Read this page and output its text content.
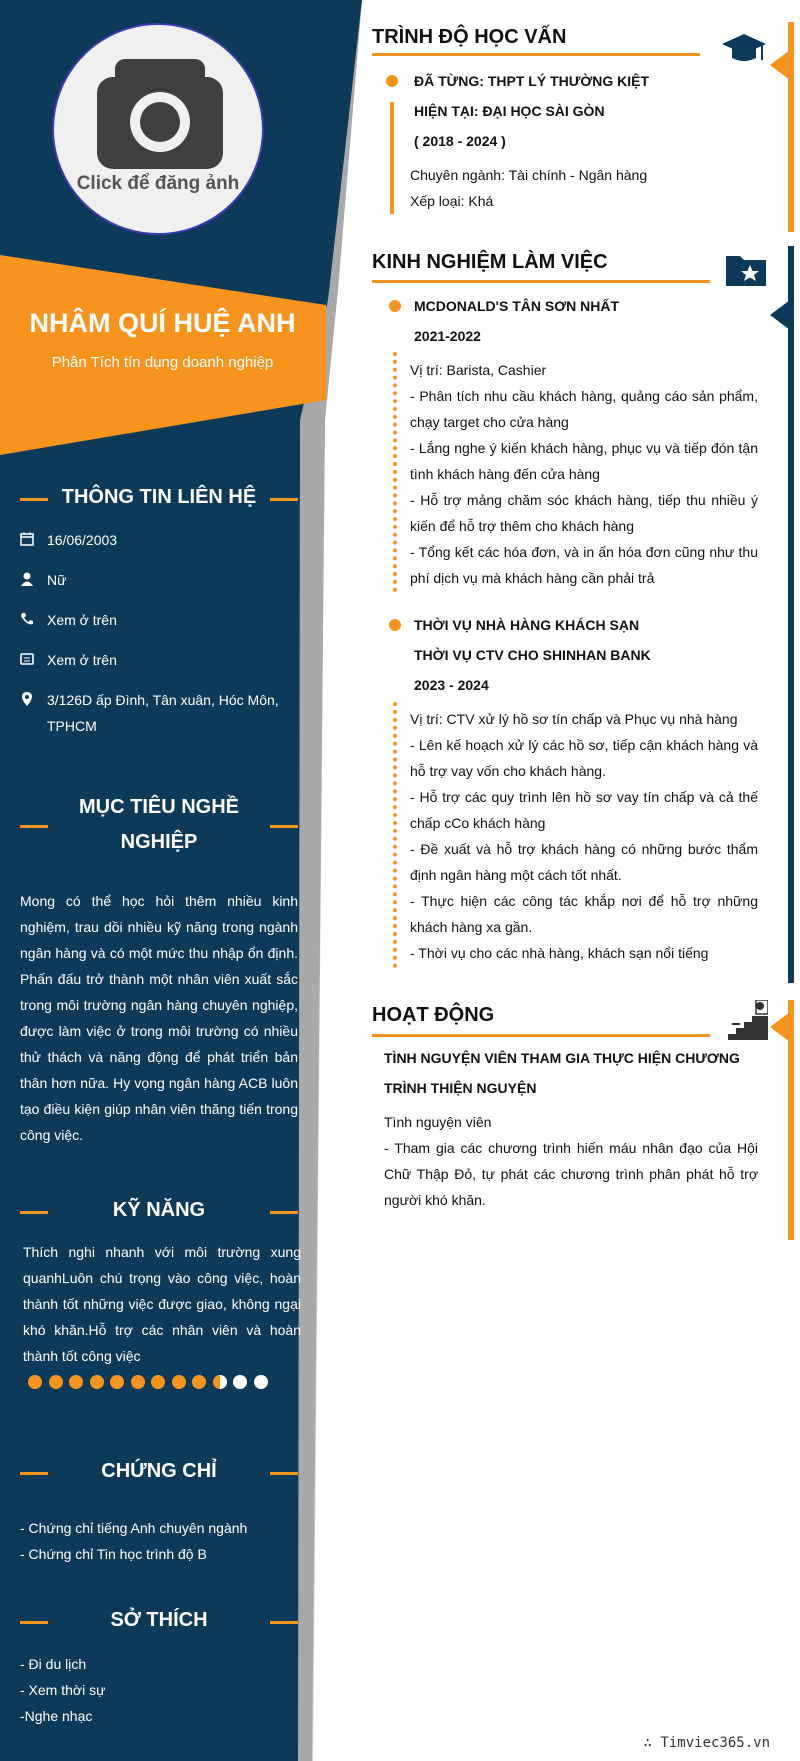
Click để đăng ảnh
NHÂM QUÍ HUỆ ANH
Phân Tích tín dụng doanh nghiệp
THÔNG TIN LIÊN HỆ
16/06/2003
Nữ
Xem ở trên
Xem ở trên
3/126D ấp Đình, Tân xuân, Hóc Môn, TPHCM
MỤC TIÊU NGHỀ NGHIỆP
Mong có thể học hỏi thêm nhiều kinh nghiệm, trau dồi nhiều kỹ năng trong ngành ngân hàng và có một mức thu nhập ổn định. Phấn đấu trở thành một nhân viên xuất sắc trong môi trường ngân hàng chuyên nghiệp, được làm việc ở trong môi trường có nhiều thử thách và năng động để phát triển bản thân hơn nữa. Hy vọng ngân hàng ACB luôn tạo điều kiện giúp nhân viên thăng tiến trong công việc.
KỸ NĂNG
Thích nghi nhanh với môi trường xung quanhLuôn chú trọng vào công việc, hoàn thành tốt những việc được giao, không ngại khó khăn.Hỗ trợ các nhân viên và hoàn thành tốt công việc
CHỨNG CHỈ
- Chứng chỉ tiếng Anh chuyên ngành
- Chứng chỉ Tin học trình độ B
SỞ THÍCH
- Đi du lịch
- Xem thời sự
-Nghe nhạc
TRÌNH ĐỘ HỌC VẤN
ĐÃ TỪNG: THPT LÝ THƯỜNG KIỆT
HIỆN TẠI: ĐẠI HỌC SÀI GÒN
( 2018 - 2024 )
Chuyên ngành: Tài chính - Ngân hàng
Xếp loại: Khá
KINH NGHIỆM LÀM VIỆC
MCDONALD'S TÂN SƠN NHẤT
2021-2022
Vị trí: Barista, Cashier
- Phân tích nhu cầu khách hàng, quảng cáo sản phẩm, chạy target cho cửa hàng
- Lắng nghe ý kiến khách hàng, phục vụ và tiếp đón tận tình khách hàng đến cửa hàng
- Hỗ trợ mảng chăm sóc khách hàng, tiếp thu nhiều ý kiến để hỗ trợ thêm cho khách hàng
- Tổng kết các hóa đơn, và in ấn hóa đơn cũng như thu phí dịch vụ mà khách hàng cần phải trả
THỜI VỤ NHÀ HÀNG KHÁCH SẠN
THỜI VỤ CTV CHO SHINHAN BANK
2023 - 2024
Vị trí: CTV xử lý hồ sơ tín chấp và Phục vụ nhà hàng
- Lên kế hoạch xử lý các hồ sơ, tiếp cận khách hàng và hỗ trợ vay vốn cho khách hàng.
- Hỗ trợ các quy trình lên hồ sơ vay tín chấp và cả thế chấp cCo khách hàng
- Đề xuất và hỗ trợ khách hàng có những bước thẩm định ngân hàng một cách tốt nhất.
- Thực hiện các công tác khắp nơi để hỗ trợ những khách hàng xa gần.
- Thời vụ cho các nhà hàng, khách sạn nổi tiếng
HOẠT ĐỘNG
TÌNH NGUYỆN VIÊN THAM GIA THỰC HIỆN CHƯƠNG
TRÌNH THIỆN NGUYỆN
Tình nguyện viên
- Tham gia các chương trình hiến máu nhân đạo của Hội Chữ Thập Đỏ, tự phát các chương trình phân phát hỗ trợ người khó khăn.
∴ Timviec365.vn
